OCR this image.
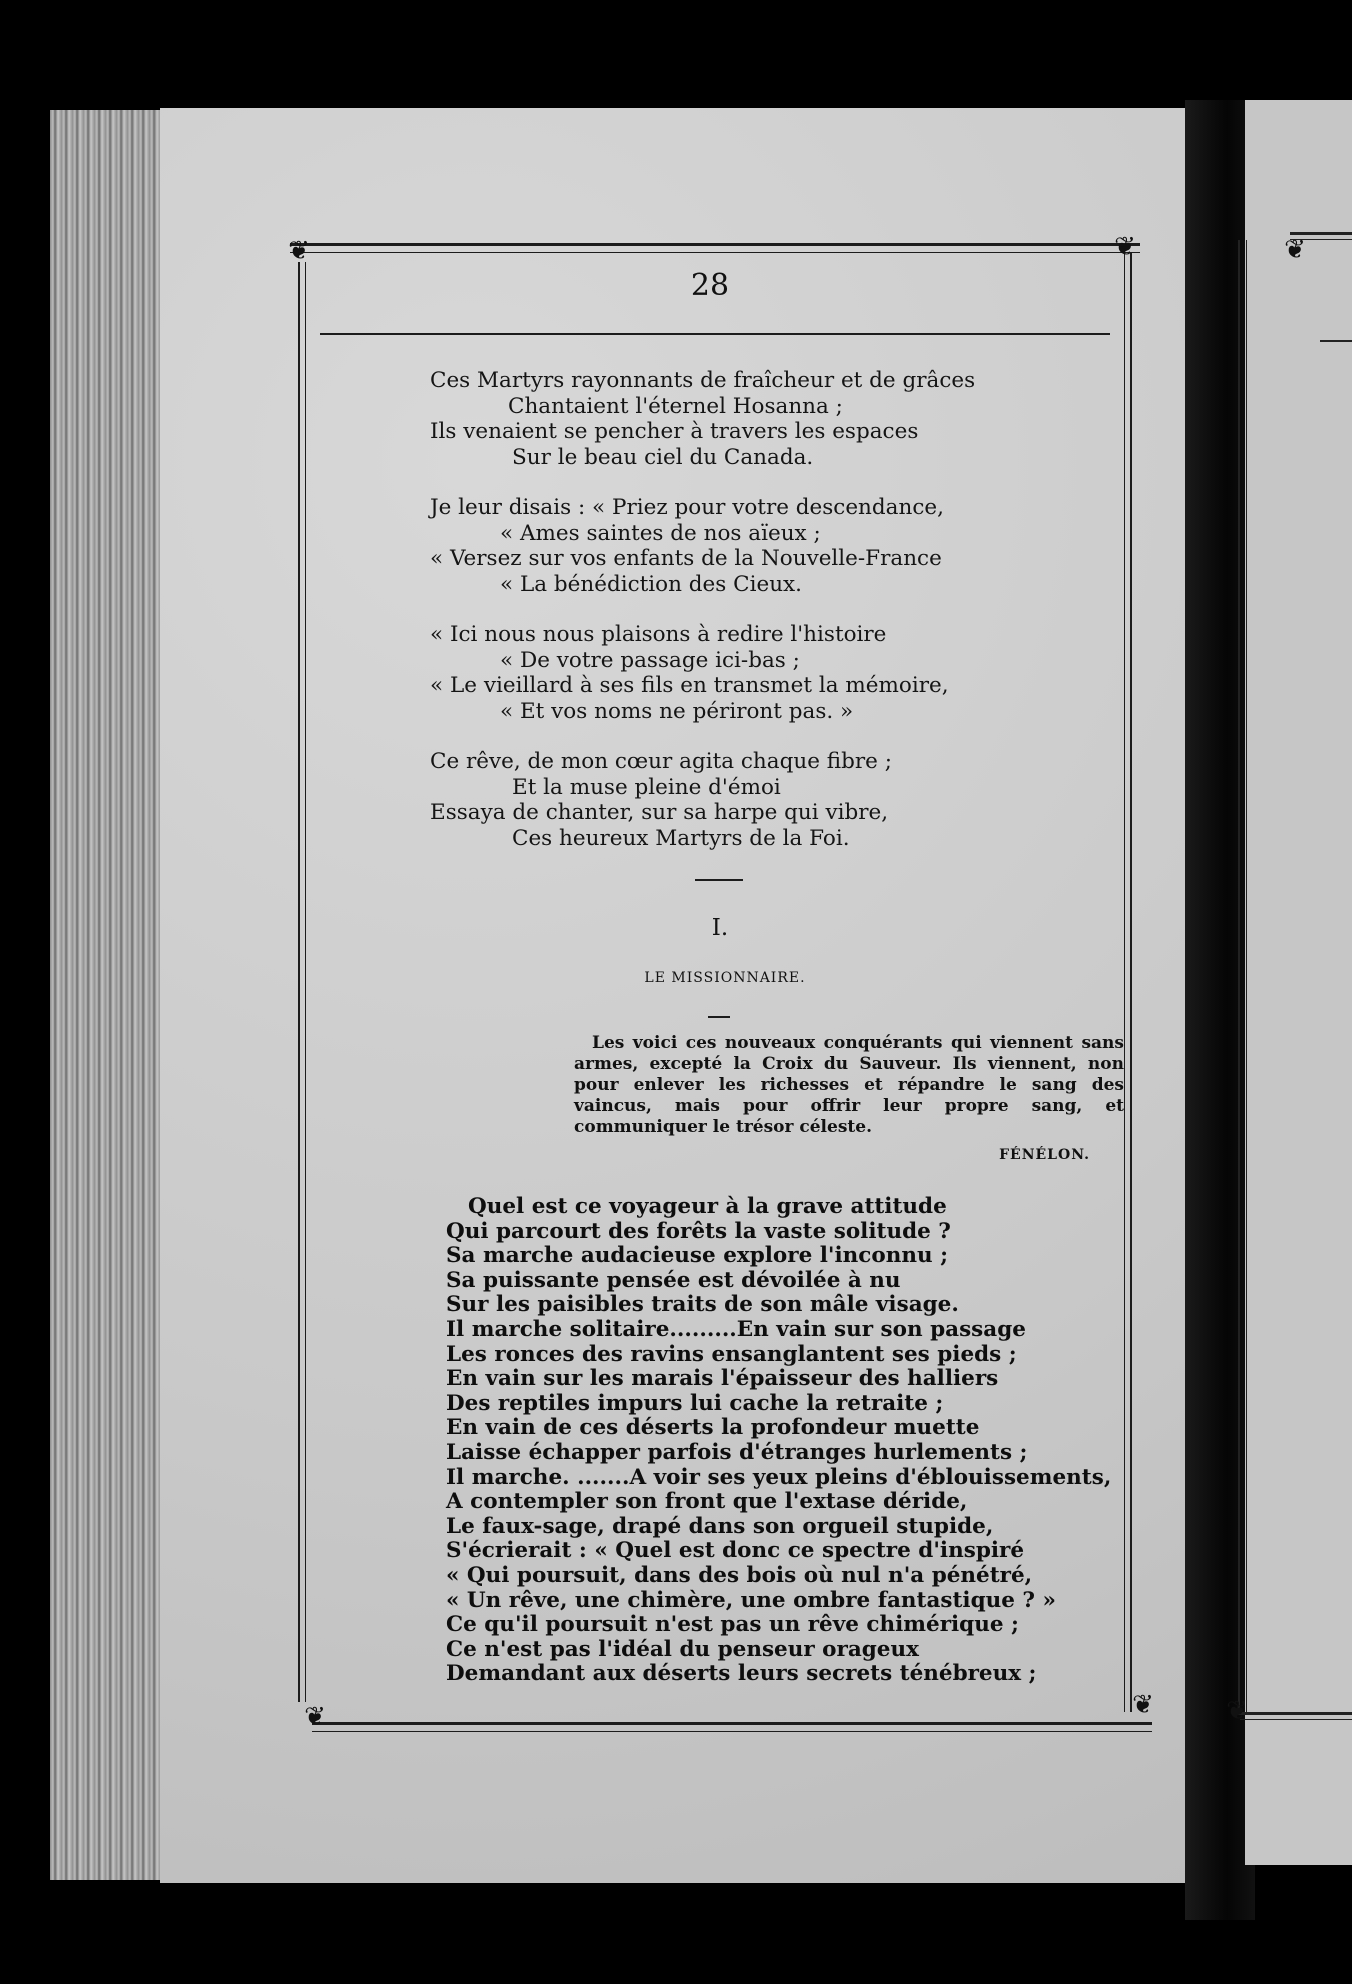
❦
❦
❦	❦
❦	❦
28
Ces Martyrs rayonnants de fraîcheur et de grâces
Chantaient l'éternel Hosanna ;
Ils venaient se pencher à travers les espaces
Sur le beau ciel du Canada.
Je leur disais : « Priez pour votre descendance,
« Ames saintes de nos aïeux ;
« Versez sur vos enfants de la Nouvelle-France
« La bénédiction des Cieux.
« Ici nous nous plaisons à redire l'histoire
« De votre passage ici-bas ;
« Le vieillard à ses fils en transmet la mémoire,
« Et vos noms ne périront pas. »
Ce rêve, de mon cœur agita chaque fibre ;
Et la muse pleine d'émoi
Essaya de chanter, sur sa harpe qui vibre,
Ces heureux Martyrs de la Foi.
I.
LE MISSIONNAIRE.

Les voici ces nouveaux conquérants qui viennent sans armes, excepté la Croix du Sauveur. Ils viennent, non pour enlever les richesses et répandre le sang des vaincus, mais pour offrir leur propre sang, et communiquer le trésor céleste.

FÉNÉLON.
Quel est ce voyageur à la grave attitude
Qui parcourt des forêts la vaste solitude ?
Sa marche audacieuse explore l'inconnu ;
Sa puissante pensée est dévoilée à nu
Sur les paisibles traits de son mâle visage.
Il marche solitaire.........En vain sur son passage
Les ronces des ravins ensanglantent ses pieds ;
En vain sur les marais l'épaisseur des halliers
Des reptiles impurs lui cache la retraite ;
En vain de ces déserts la profondeur muette
Laisse échapper parfois d'étranges hurlements ;
Il marche. .......A voir ses yeux pleins d'éblouissements,
A contempler son front que l'extase déride,
Le faux-sage, drapé dans son orgueil stupide,
S'écrierait : « Quel est donc ce spectre d'inspiré
« Qui poursuit, dans des bois où nul n'a pénétré,
« Un rêve, une chimère, une ombre fantastique ? »
Ce qu'il poursuit n'est pas un rêve chimérique ;
Ce n'est pas l'idéal du penseur orageux
Demandant aux déserts leurs secrets ténébreux ;
